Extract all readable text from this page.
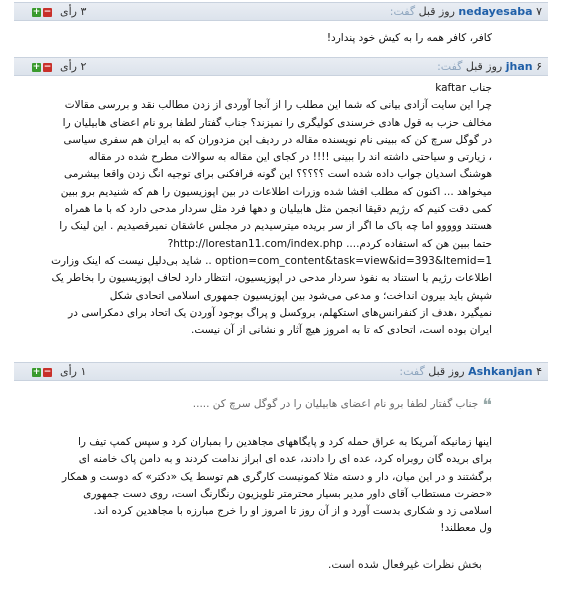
+ −	۳ رأی	nedayesaba ۷ روز قبل گفت:

کافر، کافر همه را به کیش خود پندارد!

+ −	۲ رأی	jhan ۶ روز قبل گفت:

جناب kaftar

چرا این سایت آزادی بیانی که شما این مطلب را از آنجا آوردی از زدن مطالب نقد و بررسی مقالات

مخالف حزب به قول هادی خرسندی کولیگری را نمیزند؟ جناب گفتار لطفا برو نام اعضای هابیلیان را

در گوگل سرچ کن که ببینی نام نویسنده مقاله در ردیف این مزدوران که به ایران هم سفری سیاسی

، زیارتی و سیاحتی داشته اند را ببینی !!!! در کجای این مقاله به سوالات مطرح شده در مقاله

هوشنگ اسدیان جواب داده شده است ؟؟؟؟؟ این گونه فرافکنی برای توجیه انگ زدن واقعا بیشرمی

میخواهد ... اکنون که مطلب افشا شده وزرات اطلاعات در بین اپوزیسیون را هم که شنیدیم برو ببین

کمی دقت کنیم که رژیم دقیقا انجمن مثل هابیلیان و دهها فرد مثل سردار مدحی دارد که با ما همراه

هستند ووووو اما چه باک ما اگر از سر بریده میترسیدیم در مجلس عاشقان نمیرقصیدیم . این لینک را

حتما ببین هن که استفاده کردم.... http://lorestan11.com/index.php?

option=com_content&task=view&id=393&Itemid=1 .. شاید بی‌دلیل نیست که اینک وزارت

اطلاعات رژیم با استناد به نفوذ سردار مدحی در اپوزیسیون، انتظار دارد لحاف اپوزیسیون را بخاطر یک

شپش باید بیرون انداخت؛ و مدعی می‌شود بین اپوزیسیون جمهوری اسلامی اتحادی شکل

نمیگیرد ،هدف از کنفرانس‌های استکهلم، بروکسل و پراگ بوجود آوردن یک اتحاد برای دمکراسی در

ایران بوده است، اتحادی که تا به امروز هیچ آثار و نشانی از آن نیست.

+ −	۱ رأی	Ashkanjan ۴ روز قبل گفت:
❝جناب گفتار لطفا برو نام اعضای هابیلیان را در گوگل سرچ کن .....

اینها زمانیکه آمریکا به عراق حمله کرد و پایگاههای مجاهدین را بمباران کرد و سپس کمپ تیف را

برای بریده گان روبراه کرد، عده ای را دادند، عده ای ابراز ندامت کردند و به دامن پاک خامنه ای

برگشتند و در این میان، دار و دسته مثلا کمونیست کارگری هم توسط یک «دکتر» که دوست و همکار

«حضرت مستطاب آقای داور مدیر بسیار محترمتر تلویزیون رنگارنگ است، روی دست جمهوری

اسلامی زد و شکاری بدست آورد و از آن روز تا امروز او را خرج مبارزه با مجاهدین کرده اند.

ول معطلند!

بخش نظرات غیرفعال شده است.
